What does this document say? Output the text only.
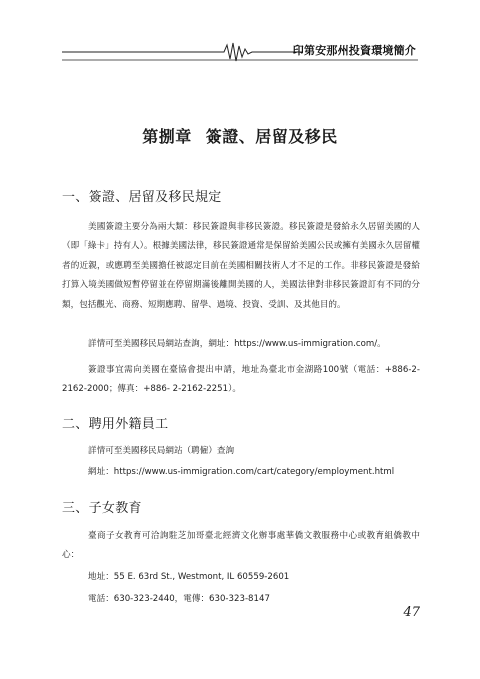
印第安那州投資環境簡介
第捌章 簽證、居留及移民
一、簽證、居留及移民規定
美國簽證主要分為兩大類：移民簽證與非移民簽證。移民簽證是發給永久居留美國的人（即「綠卡」持有人）。根據美國法律，移民簽證通常是保留給美國公民或擁有美國永久居留權者的近親，或應聘至美國擔任被認定目前在美國相關技術人才不足的工作。非移民簽證是發給打算入境美國做短暫停留並在停留期滿後離開美國的人，美國法律對非移民簽證訂有不同的分類，包括觀光、商務、短期應聘、留學、過境、投資、受訓、及其他目的。
詳情可至美國移民局網站查詢，網址：https://www.us-immigration.com/。
簽證事宜需向美國在臺協會提出申請，地址為臺北市金湖路100號（電話：+886-2-2162-2000；傳真：+886- 2-2162-2251）。
二、聘用外籍員工
詳情可至美國移民局網站（聘僱）查詢
網址：https://www.us-immigration.com/cart/category/employment.html
三、子女教育
臺商子女教育可洽詢駐芝加哥臺北經濟文化辦事處華僑文教服務中心或教育組僑教中心：
地址：55 E. 63rd St., Westmont, IL 60559-2601
電話：630-323-2440，電傳：630-323-8147
47
